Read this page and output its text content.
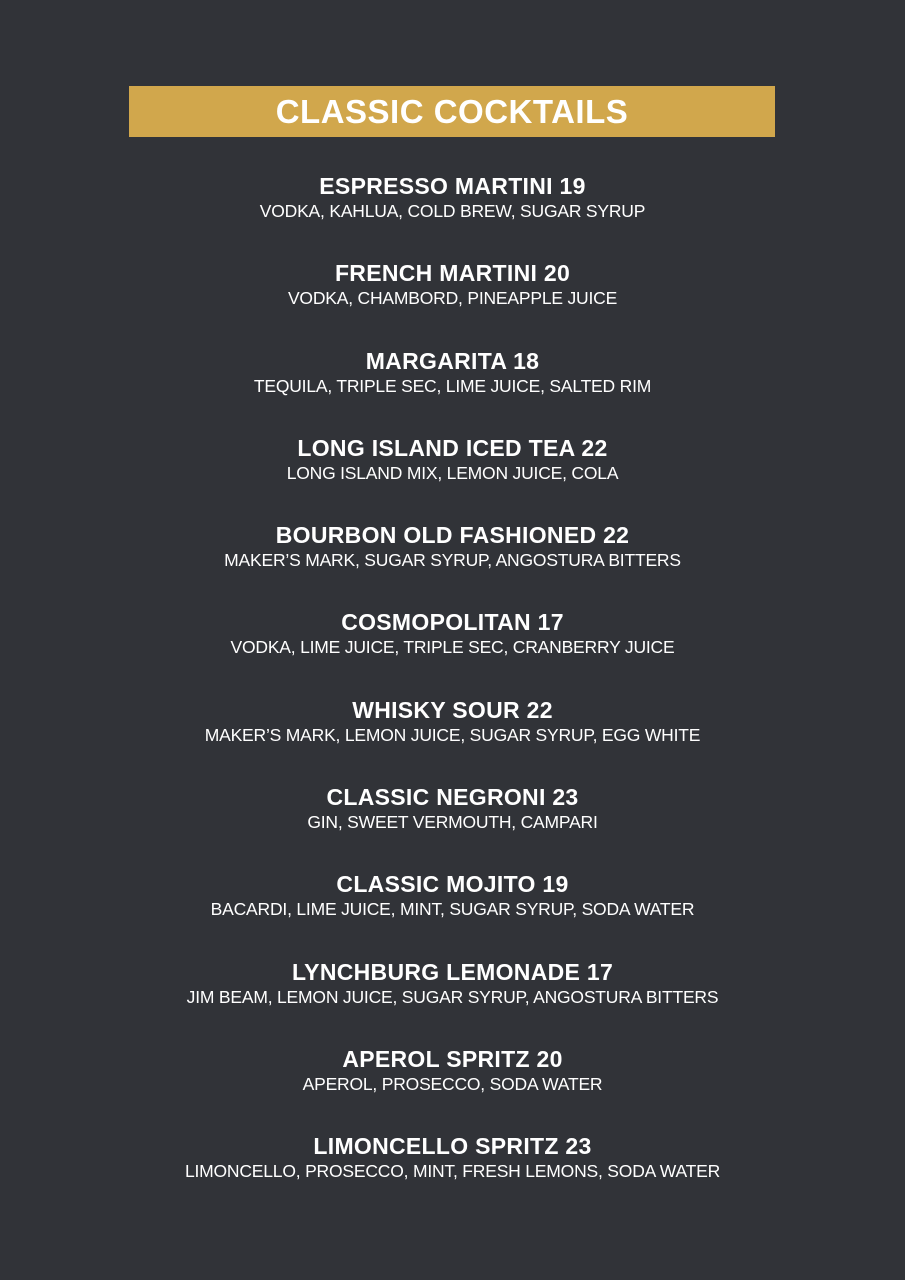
CLASSIC COCKTAILS
ESPRESSO MARTINI 19
VODKA, KAHLUA, COLD BREW, SUGAR SYRUP
FRENCH MARTINI 20
VODKA, CHAMBORD, PINEAPPLE JUICE
MARGARITA 18
TEQUILA, TRIPLE SEC, LIME JUICE, SALTED RIM
LONG ISLAND ICED TEA 22
LONG ISLAND MIX, LEMON JUICE, COLA
BOURBON OLD FASHIONED 22
MAKER’S MARK, SUGAR SYRUP, ANGOSTURA BITTERS
COSMOPOLITAN 17
VODKA, LIME JUICE, TRIPLE SEC, CRANBERRY JUICE
WHISKY SOUR 22
MAKER’S MARK, LEMON JUICE, SUGAR SYRUP, EGG WHITE
CLASSIC NEGRONI 23
GIN, SWEET VERMOUTH, CAMPARI
CLASSIC MOJITO 19
BACARDI, LIME JUICE, MINT, SUGAR SYRUP, SODA WATER
LYNCHBURG LEMONADE 17
JIM BEAM, LEMON JUICE, SUGAR SYRUP, ANGOSTURA BITTERS
APEROL SPRITZ 20
APEROL, PROSECCO, SODA WATER
LIMONCELLO SPRITZ 23
LIMONCELLO, PROSECCO, MINT, FRESH LEMONS, SODA WATER
